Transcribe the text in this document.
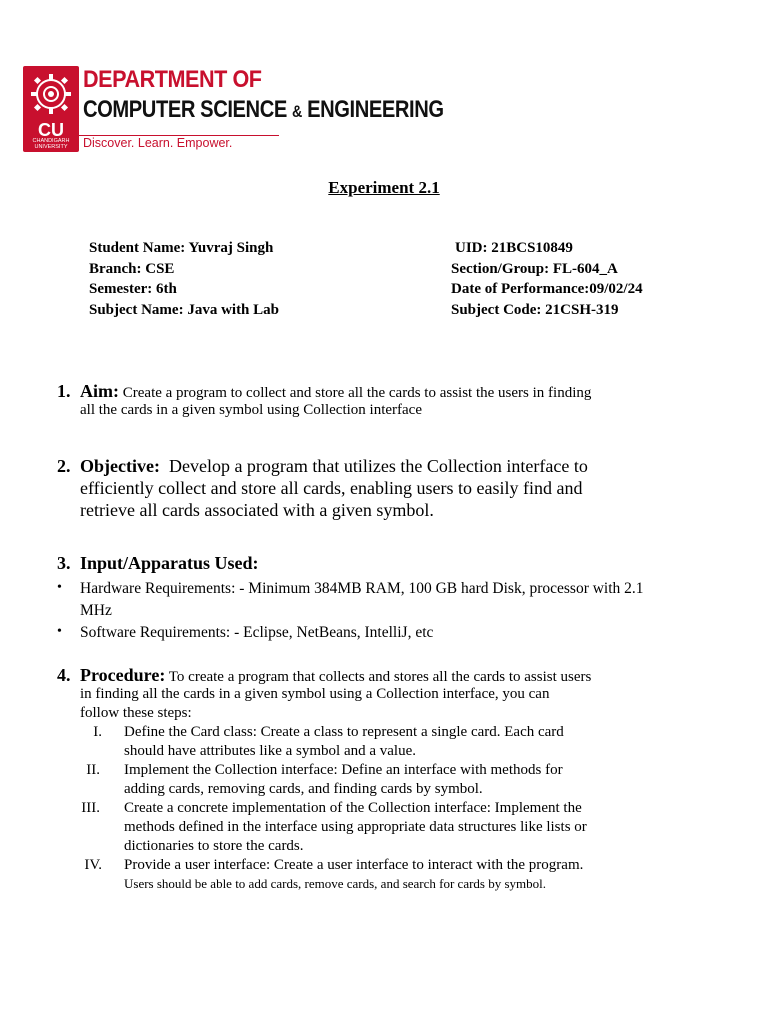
CU
CHANDIGARH UNIVERSITY
DEPARTMENT OF
COMPUTER SCIENCE & ENGINEERING
Discover. Learn. Empower.
Experiment 2.1
Student Name: Yuvraj Singh	UID: 21BCS10849
Branch: CSE	Section/Group: FL-604_A
Semester: 6th	Date of Performance:09/02/24
Subject Name: Java with Lab	Subject Code: 21CSH-319
1. Aim: Create a program to collect and store all the cards to assist the users in finding
all the cards in a given symbol using Collection interface
2. Objective: Develop a program that utilizes the Collection interface to
efficiently collect and store all cards, enabling users to easily find and
retrieve all cards associated with a given symbol.
3. Input/Apparatus Used:
• Hardware Requirements: - Minimum 384MB RAM, 100 GB hard Disk, processor with 2.1
MHz
• Software Requirements: - Eclipse, NetBeans, IntelliJ, etc
4. Procedure: To create a program that collects and stores all the cards to assist users
in finding all the cards in a given symbol using a Collection interface, you can
follow these steps:
I. Define the Card class: Create a class to represent a single card. Each card
should have attributes like a symbol and a value.
II. Implement the Collection interface: Define an interface with methods for
adding cards, removing cards, and finding cards by symbol.
III. Create a concrete implementation of the Collection interface: Implement the
methods defined in the interface using appropriate data structures like lists or
dictionaries to store the cards.
IV. Provide a user interface: Create a user interface to interact with the program.
Users should be able to add cards, remove cards, and search for cards by symbol.
